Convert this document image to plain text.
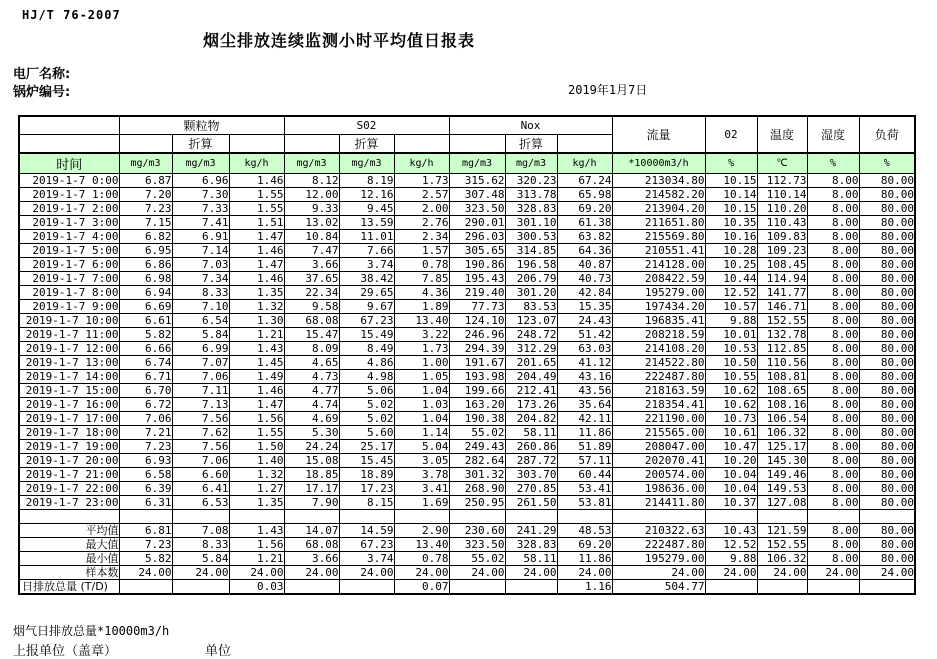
HJ/T 76-2007
烟尘排放连续监测小时平均值日报表
电厂名称:
锅炉编号:	2019年1月7日
	颗粒物			S02			Nox			流量	02	温度	湿度	负荷
		折算			折算			折算						
时间	mg/m3	mg/m3	kg/h	mg/m3	mg/m3	kg/h	mg/m3	mg/m3	kg/h	*10000m3/h	%	℃	%	%
2019-1-7 0:00	6.87	6.96	1.46	8.12	8.19	1.73	315.62	320.23	67.24	213034.80	10.15	112.73	8.00	80.00
2019-1-7 1:00	7.20	7.30	1.55	12.00	12.16	2.57	307.48	313.78	65.98	214582.20	10.14	110.14	8.00	80.00
2019-1-7 2:00	7.23	7.33	1.55	9.33	9.45	2.00	323.50	328.83	69.20	213904.20	10.15	110.20	8.00	80.00
2019-1-7 3:00	7.15	7.41	1.51	13.02	13.59	2.76	290.01	301.10	61.38	211651.80	10.35	110.43	8.00	80.00
2019-1-7 4:00	6.82	6.91	1.47	10.84	11.01	2.34	296.03	300.53	63.82	215569.80	10.16	109.83	8.00	80.00
2019-1-7 5:00	6.95	7.14	1.46	7.47	7.66	1.57	305.65	314.85	64.36	210551.41	10.28	109.23	8.00	80.00
2019-1-7 6:00	6.86	7.03	1.47	3.66	3.74	0.78	190.86	196.58	40.87	214128.00	10.25	108.45	8.00	80.00
2019-1-7 7:00	6.98	7.34	1.46	37.65	38.42	7.85	195.43	206.79	40.73	208422.59	10.44	114.94	8.00	80.00
2019-1-7 8:00	6.94	8.33	1.35	22.34	29.65	4.36	219.40	301.20	42.84	195279.00	12.52	141.77	8.00	80.00
2019-1-7 9:00	6.69	7.10	1.32	9.58	9.67	1.89	77.73	83.53	15.35	197434.20	10.57	146.71	8.00	80.00
2019-1-7 10:00	6.61	6.54	1.30	68.08	67.23	13.40	124.10	123.07	24.43	196835.41	9.88	152.55	8.00	80.00
2019-1-7 11:00	5.82	5.84	1.21	15.47	15.49	3.22	246.96	248.72	51.42	208218.59	10.01	132.78	8.00	80.00
2019-1-7 12:00	6.66	6.99	1.43	8.09	8.49	1.73	294.39	312.29	63.03	214108.20	10.53	112.85	8.00	80.00
2019-1-7 13:00	6.74	7.07	1.45	4.65	4.86	1.00	191.67	201.65	41.12	214522.80	10.50	110.56	8.00	80.00
2019-1-7 14:00	6.71	7.06	1.49	4.73	4.98	1.05	193.98	204.49	43.16	222487.80	10.55	108.81	8.00	80.00
2019-1-7 15:00	6.70	7.11	1.46	4.77	5.06	1.04	199.66	212.41	43.56	218163.59	10.62	108.65	8.00	80.00
2019-1-7 16:00	6.72	7.13	1.47	4.74	5.02	1.03	163.20	173.26	35.64	218354.41	10.62	108.16	8.00	80.00
2019-1-7 17:00	7.06	7.56	1.56	4.69	5.02	1.04	190.38	204.82	42.11	221190.00	10.73	106.54	8.00	80.00
2019-1-7 18:00	7.21	7.62	1.55	5.30	5.60	1.14	55.02	58.11	11.86	215565.00	10.61	106.32	8.00	80.00
2019-1-7 19:00	7.23	7.56	1.50	24.24	25.17	5.04	249.43	260.86	51.89	208047.00	10.47	125.17	8.00	80.00
2019-1-7 20:00	6.93	7.06	1.40	15.08	15.45	3.05	282.64	287.72	57.11	202070.41	10.20	145.30	8.00	80.00
2019-1-7 21:00	6.58	6.60	1.32	18.85	18.89	3.78	301.32	303.70	60.44	200574.00	10.04	149.46	8.00	80.00
2019-1-7 22:00	6.39	6.41	1.27	17.17	17.23	3.41	268.90	270.85	53.41	198636.00	10.04	149.53	8.00	80.00
2019-1-7 23:00	6.31	6.53	1.35	7.90	8.15	1.69	250.95	261.50	53.81	214411.80	10.37	127.08	8.00	80.00

平均值	6.81	7.08	1.43	14.07	14.59	2.90	230.60	241.29	48.53	210322.63	10.43	121.59	8.00	80.00
最大值	7.23	8.33	1.56	68.08	67.23	13.40	323.50	328.83	69.20	222487.80	12.52	152.55	8.00	80.00
最小值	5.82	5.84	1.21	3.66	3.74	0.78	55.02	58.11	11.86	195279.00	9.88	106.32	8.00	80.00
样本数	24.00	24.00	24.00	24.00	24.00	24.00	24.00	24.00	24.00	24.00	24.00	24.00	24.00	24.00
日排放总量 (T/D)			0.03			0.07			1.16	504.77				
烟气日排放总量*10000m3/h
上报单位（盖章）	单位
